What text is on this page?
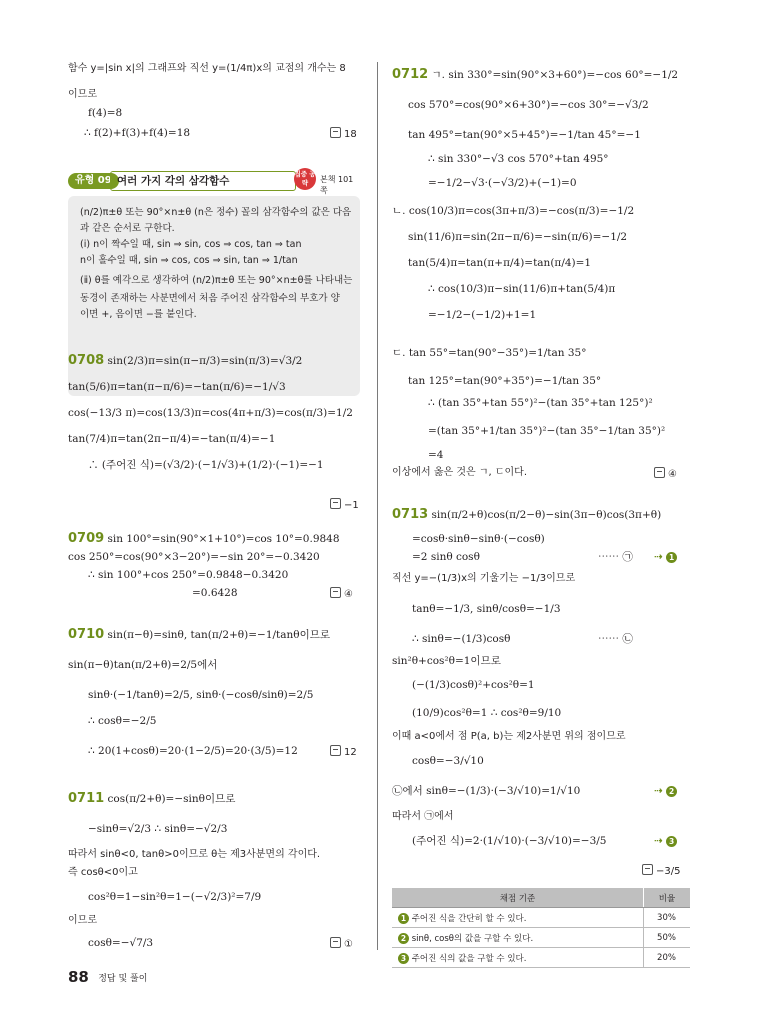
함수 y=|sin x|의 그래프와 직선 y=(1/4π)x의 교점의 개수는 8
이므로
f(4)=8
∴ f(2)+f(3)+f(4)=18	18
유형 09 여러 가지 각의 삼각함수
집중 공략	본책 101쪽
(n/2)π±θ 또는 90°×n±θ (n은 정수) 꼴의 삼각함수의 값은 다음
과 같은 순서로 구한다.
(ⅰ) n이 짝수일 때, sin ⇒ sin, cos ⇒ cos, tan ⇒ tan
n이 홀수일 때, sin ⇒ cos, cos ⇒ sin, tan ⇒ 1/tan
(ⅱ) θ를 예각으로 생각하여 (n/2)π±θ 또는 90°×n±θ를 나타내는
동경이 존재하는 사분면에서 처음 주어진 삼각함수의 부호가 양
이면 +, 음이면 −를 붙인다.
0708 sin(2/3)π=sin(π−π/3)=sin(π/3)=√3/2
tan(5/6)π=tan(π−π/6)=−tan(π/6)=−1/√3
cos(−13/3 π)=cos(13/3)π=cos(4π+π/3)=cos(π/3)=1/2
tan(7/4)π=tan(2π−π/4)=−tan(π/4)=−1
∴ (주어진 식)=(√3/2)·(−1/√3)+(1/2)·(−1)=−1
−1
0709 sin 100°=sin(90°×1+10°)=cos 10°=0.9848
cos 250°=cos(90°×3−20°)=−sin 20°=−0.3420
∴ sin 100°+cos 250°=0.9848−0.3420
=0.6428	④
0710 sin(π−θ)=sinθ, tan(π/2+θ)=−1/tanθ이므로
sin(π−θ)tan(π/2+θ)=2/5에서
sinθ·(−1/tanθ)=2/5, sinθ·(−cosθ/sinθ)=2/5
∴ cosθ=−2/5
∴ 20(1+cosθ)=20·(1−2/5)=20·(3/5)=12	12
0711 cos(π/2+θ)=−sinθ이므로
−sinθ=√2/3 ∴ sinθ=−√2/3
따라서 sinθ<0, tanθ>0이므로 θ는 제3사분면의 각이다.
즉 cosθ<0이고
cos²θ=1−sin²θ=1−(−√2/3)²=7/9
이므로
cosθ=−√7/3	①
0712 ㄱ. sin 330°=sin(90°×3+60°)=−cos 60°=−1/2
cos 570°=cos(90°×6+30°)=−cos 30°=−√3/2
tan 495°=tan(90°×5+45°)=−1/tan 45°=−1
∴ sin 330°−√3 cos 570°+tan 495°
=−1/2−√3·(−√3/2)+(−1)=0
ㄴ. cos(10/3)π=cos(3π+π/3)=−cos(π/3)=−1/2
sin(11/6)π=sin(2π−π/6)=−sin(π/6)=−1/2
tan(5/4)π=tan(π+π/4)=tan(π/4)=1
∴ cos(10/3)π−sin(11/6)π+tan(5/4)π
=−1/2−(−1/2)+1=1
ㄷ. tan 55°=tan(90°−35°)=1/tan 35°
tan 125°=tan(90°+35°)=−1/tan 35°
∴ (tan 35°+tan 55°)²−(tan 35°+tan 125°)²
=(tan 35°+1/tan 35°)²−(tan 35°−1/tan 35°)²
=4
이상에서 옳은 것은 ㄱ, ㄷ이다.	④
0713 sin(π/2+θ)cos(π/2−θ)−sin(3π−θ)cos(3π+θ)
=cosθ·sinθ−sinθ·(−cosθ)
=2 sinθ cosθ	⋯⋯ ㉠ ⇢ 1
직선 y=−(1/3)x의 기울기는 −1/3이므로
tanθ=−1/3, sinθ/cosθ=−1/3
∴ sinθ=−(1/3)cosθ	⋯⋯ ㉡
sin²θ+cos²θ=1이므로
(−(1/3)cosθ)²+cos²θ=1
(10/9)cos²θ=1 ∴ cos²θ=9/10
이때 a<0에서 점 P(a, b)는 제2사분면 위의 점이므로
cosθ=−3/√10
㉡에서 sinθ=−(1/3)·(−3/√10)=1/√10	⇢ 2
따라서 ㉠에서
(주어진 식)=2·(1/√10)·(−3/√10)=−3/5	⇢ 3
−3/5
채점 기준	비율
1 주어진 식을 간단히 할 수 있다.	30%
2 sinθ, cosθ의 값을 구할 수 있다.	50%
3 주어진 식의 값을 구할 수 있다.	20%
88 정답 및 풀이
